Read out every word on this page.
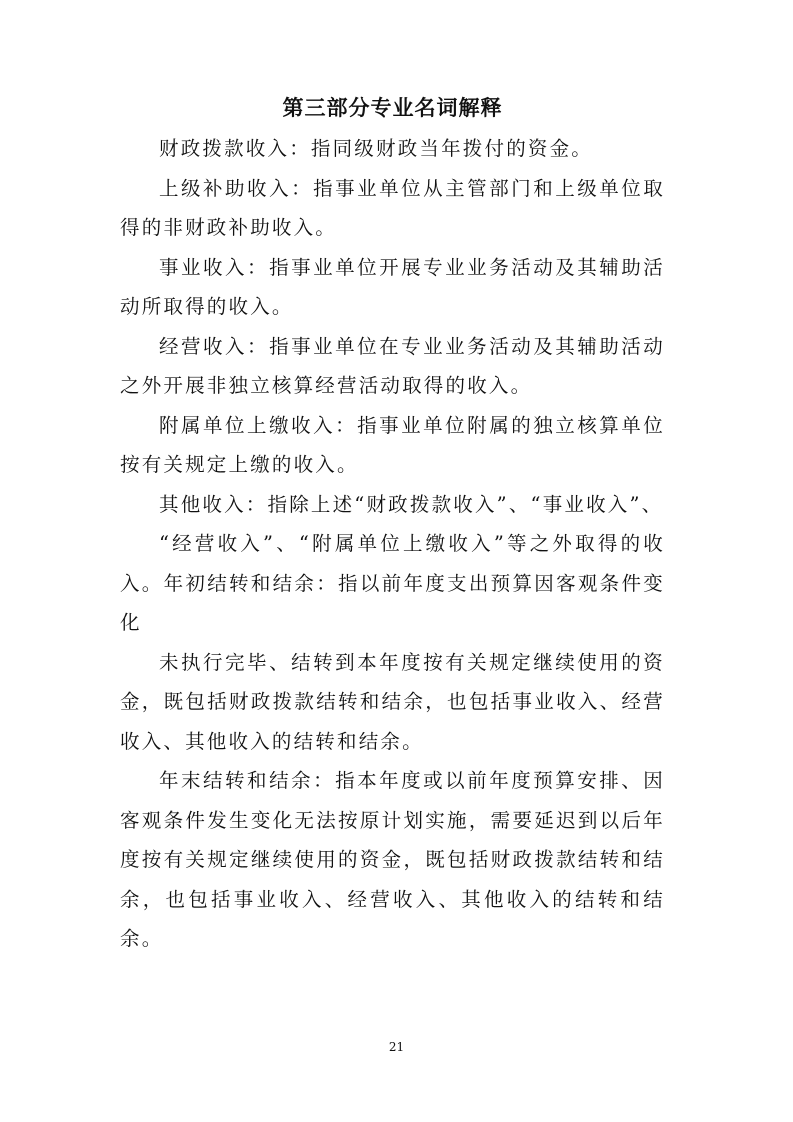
第三部分专业名词解释

财政拨款收入：指同级财政当年拨付的资金。

上级补助收入：指事业单位从主管部门和上级单位取得的非财政补助收入。

事业收入：指事业单位开展专业业务活动及其辅助活动所取得的收入。

经营收入：指事业单位在专业业务活动及其辅助活动之外开展非独立核算经营活动取得的收入。

附属单位上缴收入：指事业单位附属的独立核算单位按有关规定上缴的收入。

其他收入：指除上述“财政拨款收入”、“事业收入”、

“经营收入”、“附属单位上缴收入”等之外取得的收入。年初结转和结余：指以前年度支出预算因客观条件变化

未执行完毕、结转到本年度按有关规定继续使用的资金，既包括财政拨款结转和结余，也包括事业收入、经营收入、其他收入的结转和结余。

年末结转和结余：指本年度或以前年度预算安排、因客观条件发生变化无法按原计划实施，需要延迟到以后年度按有关规定继续使用的资金，既包括财政拨款结转和结余，也包括事业收入、经营收入、其他收入的结转和结余。

21
